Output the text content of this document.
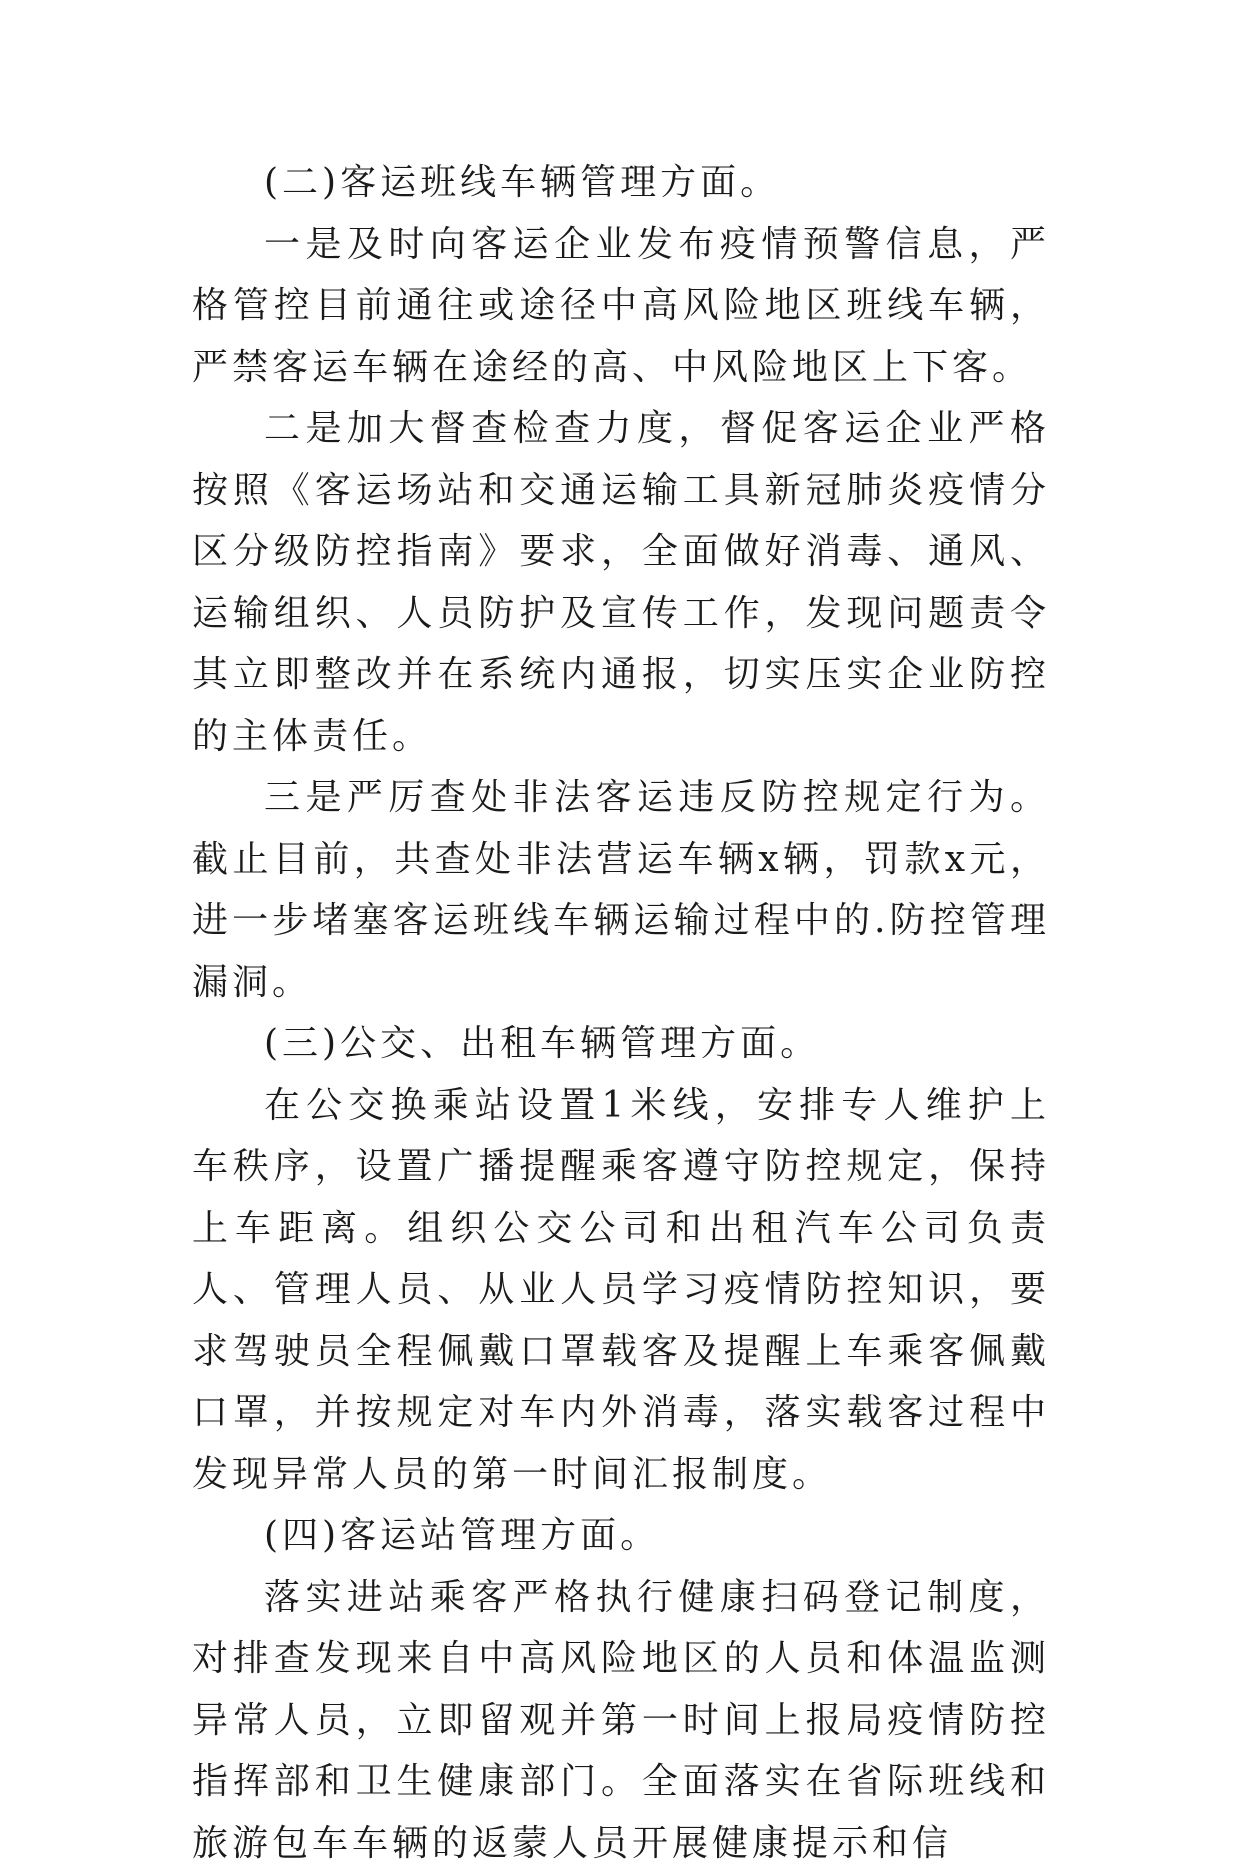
(二)客运班线车辆管理方面。

一是及时向客运企业发布疫情预警信息，严格管控目前通往或途径中高风险地区班线车辆，严禁客运车辆在途经的高、中风险地区上下客。

二是加大督查检查力度，督促客运企业严格按照《客运场站和交通运输工具新冠肺炎疫情分区分级防控指南》要求，全面做好消毒、通风、运输组织、人员防护及宣传工作，发现问题责令其立即整改并在系统内通报，切实压实企业防控的主体责任。

三是严厉查处非法客运违反防控规定行为。截止目前，共查处非法营运车辆x辆，罚款x元，进一步堵塞客运班线车辆运输过程中的.防控管理漏洞。

(三)公交、出租车辆管理方面。

在公交换乘站设置1米线，安排专人维护上车秩序，设置广播提醒乘客遵守防控规定，保持上车距离。组织公交公司和出租汽车公司负责人、管理人员、从业人员学习疫情防控知识，要求驾驶员全程佩戴口罩载客及提醒上车乘客佩戴口罩，并按规定对车内外消毒，落实载客过程中发现异常人员的第一时间汇报制度。

(四)客运站管理方面。

落实进站乘客严格执行健康扫码登记制度，对排查发现来自中高风险地区的人员和体温监测异常人员，立即留观并第一时间上报局疫情防控指挥部和卫生健康部门。全面落实在省际班线和旅游包车车辆的返蒙人员开展健康提示和信
